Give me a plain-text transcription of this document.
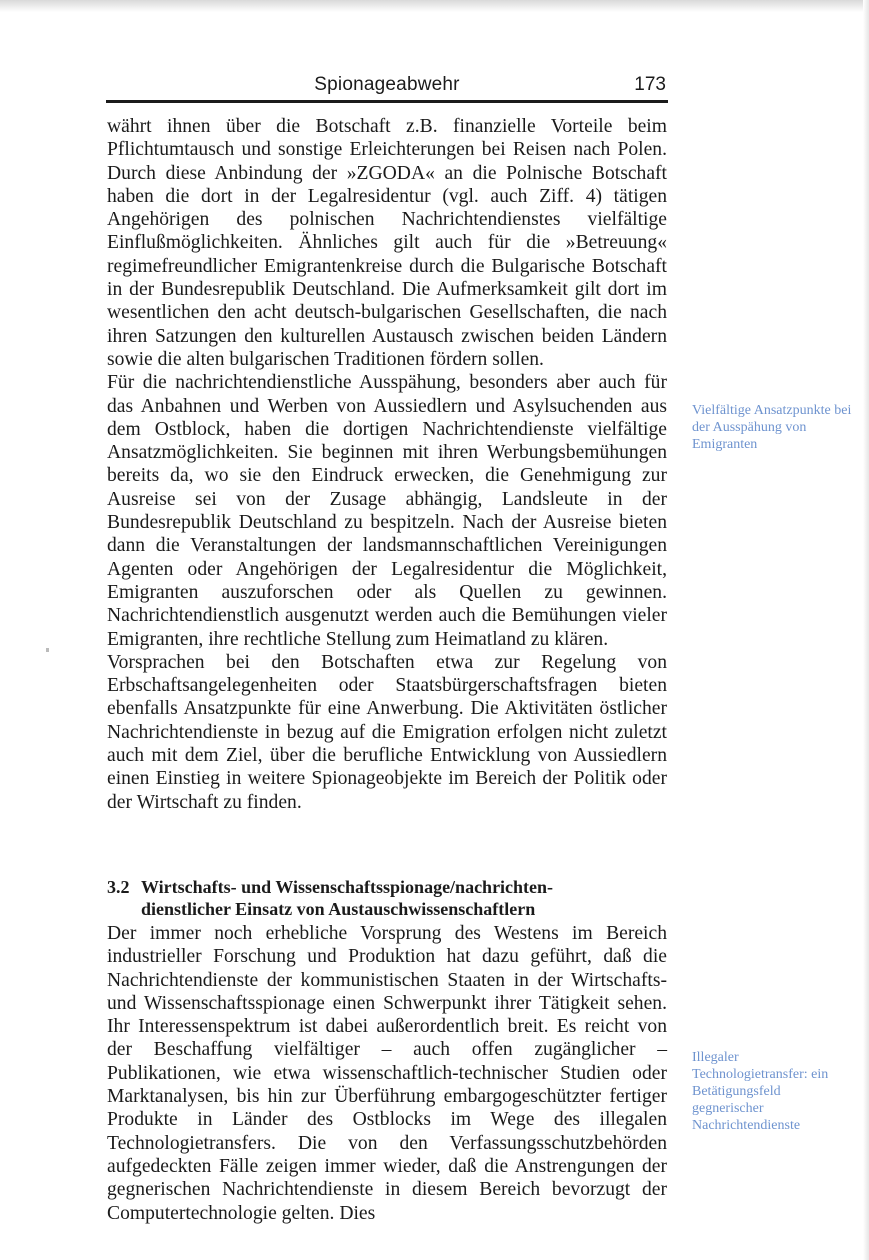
Spionageabwehr	173

währt ihnen über die Botschaft z.B. finanzielle Vorteile beim Pflichtumtausch und sonstige Erleichterungen bei Reisen nach Polen. Durch diese Anbindung der »ZGODA« an die Polnische Botschaft haben die dort in der Legalresidentur (vgl. auch Ziff. 4) tätigen Angehörigen des polnischen Nachrichtendienstes vielfältige Einflußmöglichkeiten. Ähnliches gilt auch für die »Betreuung« regimefreundlicher Emigrantenkreise durch die Bulgarische Botschaft in der Bundesrepublik Deutschland. Die Aufmerksamkeit gilt dort im wesentlichen den acht deutsch-bulgarischen Gesellschaften, die nach ihren Satzungen den kulturellen Austausch zwischen beiden Ländern sowie die alten bulgarischen Traditionen fördern sollen.

Für die nachrichtendienstliche Ausspähung, besonders aber auch für das Anbahnen und Werben von Aussiedlern und Asylsuchenden aus dem Ostblock, haben die dortigen Nachrichtendienste vielfältige Ansatzmöglichkeiten. Sie beginnen mit ihren Werbungsbemühungen bereits da, wo sie den Eindruck erwecken, die Genehmigung zur Ausreise sei von der Zusage abhängig, Landsleute in der Bundesrepublik Deutschland zu bespitzeln. Nach der Ausreise bieten dann die Veranstaltungen der landsmannschaftlichen Vereinigungen Agenten oder Angehörigen der Legalresidentur die Möglichkeit, Emigranten auszuforschen oder als Quellen zu gewinnen. Nachrichtendienstlich ausgenutzt werden auch die Bemühungen vieler Emigranten, ihre rechtliche Stellung zum Heimatland zu klären.

Vorsprachen bei den Botschaften etwa zur Regelung von Erbschaftsangelegenheiten oder Staatsbürgerschaftsfragen bieten ebenfalls Ansatzpunkte für eine Anwerbung. Die Aktivitäten östlicher Nachrichtendienste in bezug auf die Emigration erfolgen nicht zuletzt auch mit dem Ziel, über die berufliche Entwicklung von Aussiedlern einen Einstieg in weitere Spionageobjekte im Bereich der Politik oder der Wirtschaft zu finden.

3.2 Wirtschafts- und Wissenschaftsspionage/nachrichten-
dienstlicher Einsatz von Austauschwissenschaftlern

Der immer noch erhebliche Vorsprung des Westens im Bereich industrieller Forschung und Produktion hat dazu geführt, daß die Nachrichtendienste der kommunistischen Staaten in der Wirtschafts- und Wissenschaftsspionage einen Schwerpunkt ihrer Tätigkeit sehen. Ihr Interessenspektrum ist dabei außerordentlich breit. Es reicht von der Beschaffung vielfältiger – auch offen zugänglicher – Publikationen, wie etwa wissenschaftlich-technischer Studien oder Marktanalysen, bis hin zur Überführung embargogeschützter fertiger Produkte in Länder des Ostblocks im Wege des illegalen Technologietransfers. Die von den Verfassungsschutzbehörden aufgedeckten Fälle zeigen immer wieder, daß die Anstrengungen der gegnerischen Nachrichtendienste in diesem Bereich bevorzugt der Computertechnologie gelten. Dies

Vielfältige Ansatzpunkte bei der Ausspähung von Emigranten
Illegaler Technologietransfer: ein Betätigungsfeld gegnerischer Nachrichtendienste
